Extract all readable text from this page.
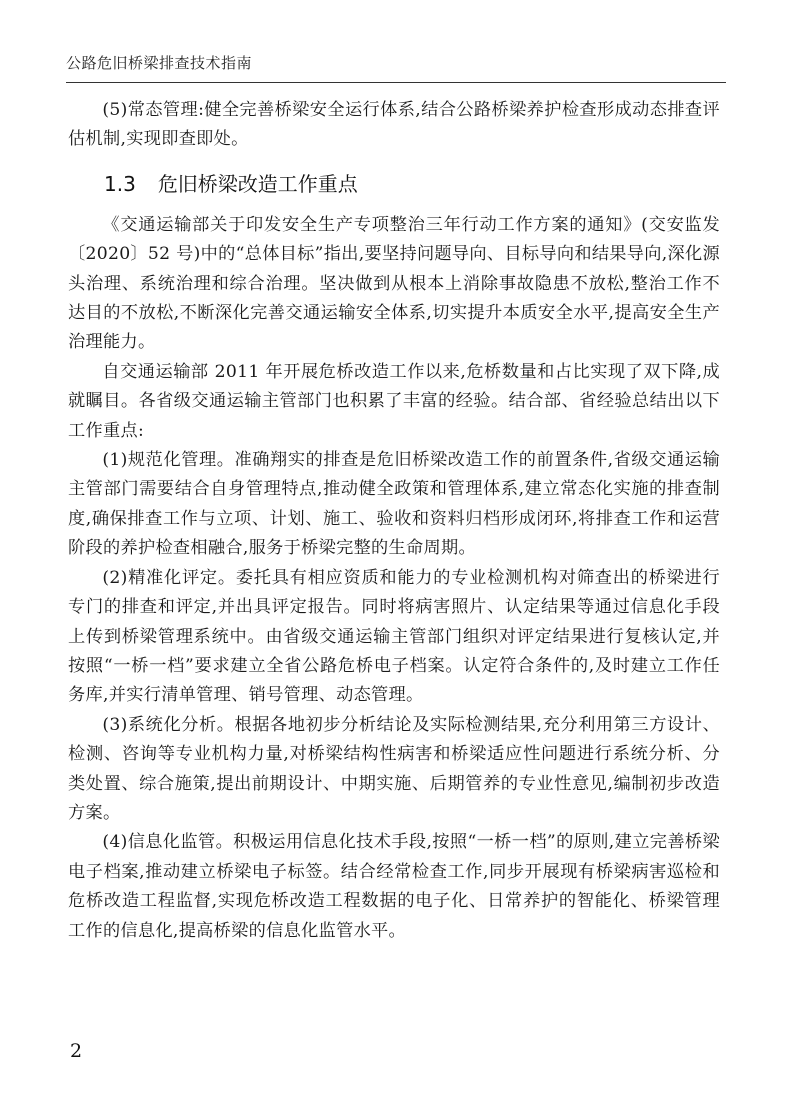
公路危旧桥梁排查技术指南

(5)常态管理:健全完善桥梁安全运行体系,结合公路桥梁养护检查形成动态排查评估机制,实现即查即处。

1.3 危旧桥梁改造工作重点

《交通运输部关于印发安全生产专项整治三年行动工作方案的通知》(交安监发〔2020〕52 号)中的“总体目标”指出,要坚持问题导向、目标导向和结果导向,深化源头治理、系统治理和综合治理。坚决做到从根本上消除事故隐患不放松,整治工作不达目的不放松,不断深化完善交通运输安全体系,切实提升本质安全水平,提高安全生产治理能力。

自交通运输部 2011 年开展危桥改造工作以来,危桥数量和占比实现了双下降,成就瞩目。各省级交通运输主管部门也积累了丰富的经验。结合部、省经验总结出以下工作重点:

(1)规范化管理。准确翔实的排查是危旧桥梁改造工作的前置条件,省级交通运输主管部门需要结合自身管理特点,推动健全政策和管理体系,建立常态化实施的排查制度,确保排查工作与立项、计划、施工、验收和资料归档形成闭环,将排查工作和运营阶段的养护检查相融合,服务于桥梁完整的生命周期。

(2)精准化评定。委托具有相应资质和能力的专业检测机构对筛查出的桥梁进行专门的排查和评定,并出具评定报告。同时将病害照片、认定结果等通过信息化手段上传到桥梁管理系统中。由省级交通运输主管部门组织对评定结果进行复核认定,并按照“一桥一档”要求建立全省公路危桥电子档案。认定符合条件的,及时建立工作任务库,并实行清单管理、销号管理、动态管理。

(3)系统化分析。根据各地初步分析结论及实际检测结果,充分利用第三方设计、检测、咨询等专业机构力量,对桥梁结构性病害和桥梁适应性问题进行系统分析、分类处置、综合施策,提出前期设计、中期实施、后期管养的专业性意见,编制初步改造方案。

(4)信息化监管。积极运用信息化技术手段,按照“一桥一档”的原则,建立完善桥梁电子档案,推动建立桥梁电子标签。结合经常检查工作,同步开展现有桥梁病害巡检和危桥改造工程监督,实现危桥改造工程数据的电子化、日常养护的智能化、桥梁管理工作的信息化,提高桥梁的信息化监管水平。

2
